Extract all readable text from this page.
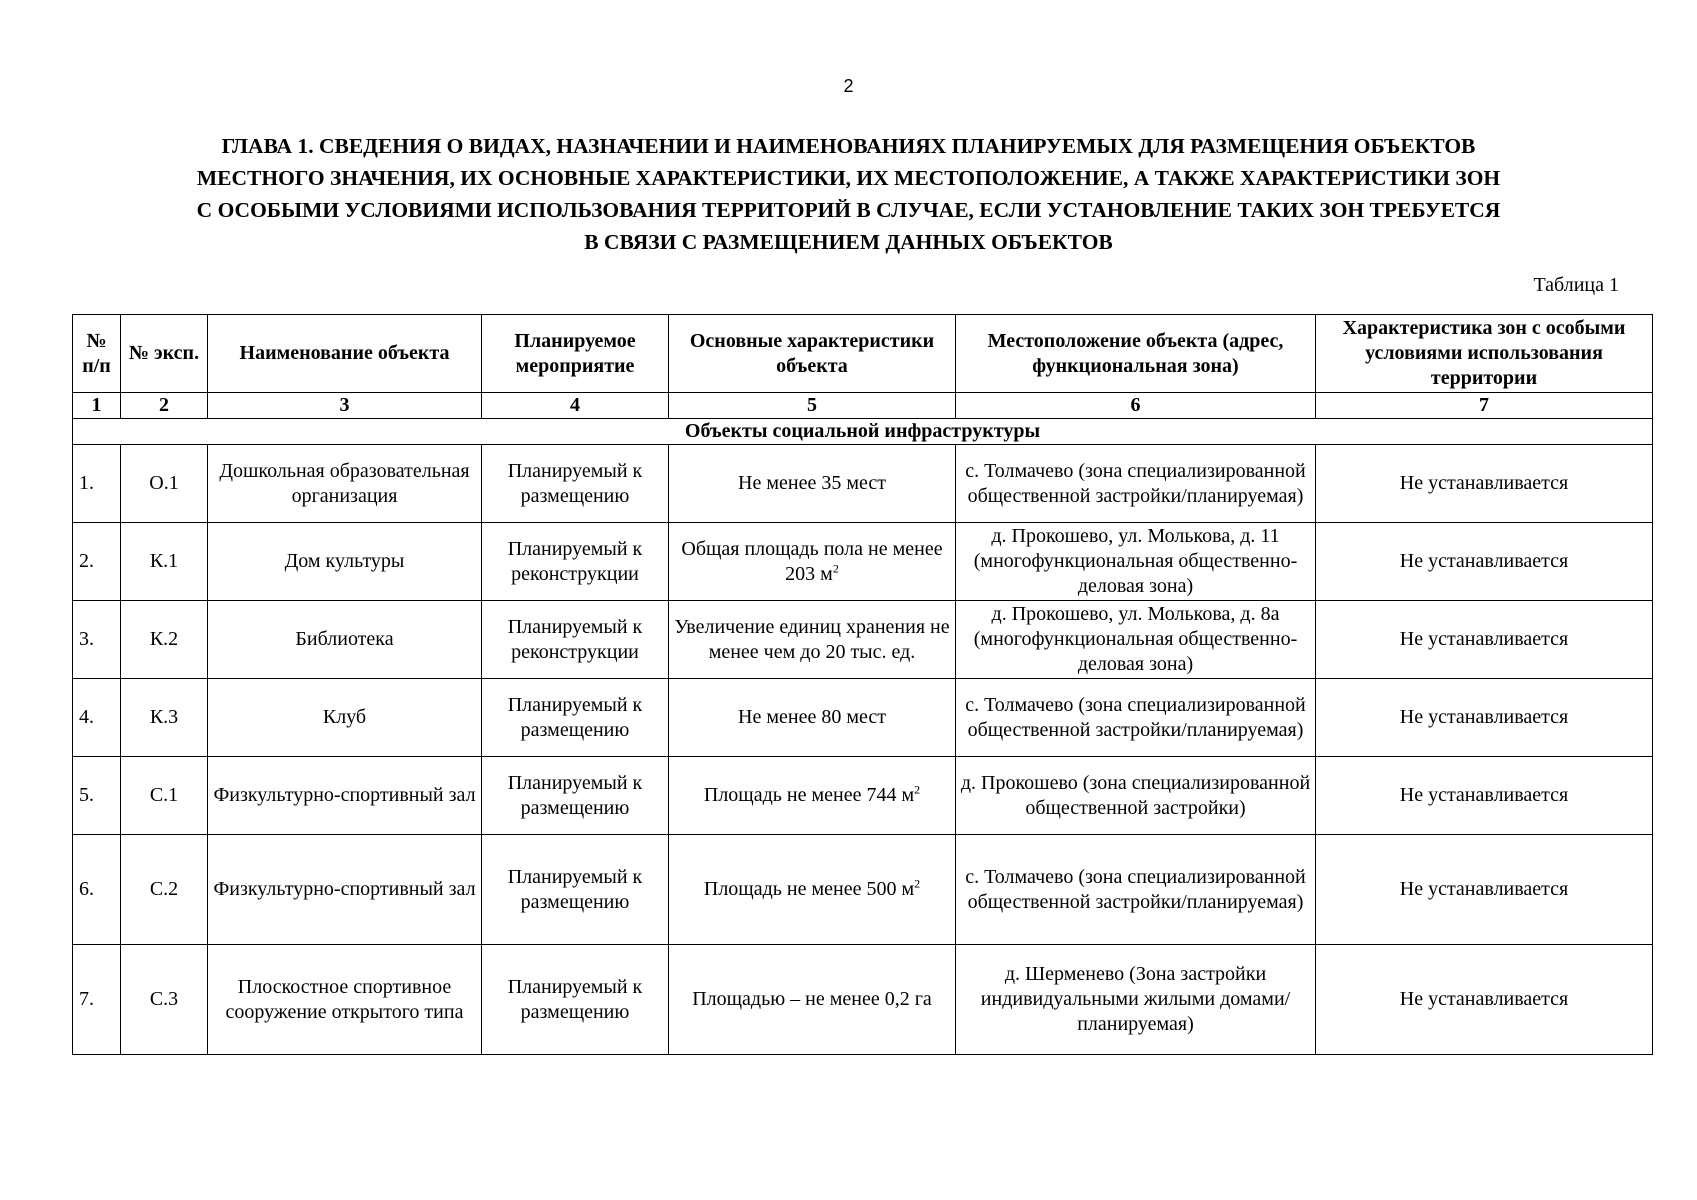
2
ГЛАВА 1. СВЕДЕНИЯ О ВИДАХ, НАЗНАЧЕНИИ И НАИМЕНОВАНИЯХ ПЛАНИРУЕМЫХ ДЛЯ РАЗМЕЩЕНИЯ ОБЪЕКТОВ
МЕСТНОГО ЗНАЧЕНИЯ, ИХ ОСНОВНЫЕ ХАРАКТЕРИСТИКИ, ИХ МЕСТОПОЛОЖЕНИЕ, А ТАКЖЕ ХАРАКТЕРИСТИКИ ЗОН
С ОСОБЫМИ УСЛОВИЯМИ ИСПОЛЬЗОВАНИЯ ТЕРРИТОРИЙ В СЛУЧАЕ, ЕСЛИ УСТАНОВЛЕНИЕ ТАКИХ ЗОН ТРЕБУЕТСЯ
В СВЯЗИ С РАЗМЕЩЕНИЕМ ДАННЫХ ОБЪЕКТОВ
Таблица 1
№ п/п	№ эксп.	Наименование объекта	Планируемое мероприятие	Основные характеристики объекта	Местоположение объекта (адрес, функциональная зона)	Характеристика зон с особыми условиями использования территории
1	2	3	4	5	6	7
Объекты социальной инфраструктуры						
1.	О.1	Дошкольная образовательная организация	Планируемый к размещению	Не менее 35 мест	с. Толмачево (зона специализированной общественной застройки/планируемая)	Не устанавливается
2.	К.1	Дом культуры	Планируемый к реконструкции	Общая площадь пола не менее 203 $м^2$	д. Прокошево, ул. Молькова, д. 11 (многофункциональная общественно-деловая зона)	Не устанавливается
3.	К.2	Библиотека	Планируемый к реконструкции	Увеличение единиц хранения не менее чем до 20 тыс. ед.	д. Прокошево, ул. Молькова, д. 8а (многофункциональная общественно-деловая зона)	Не устанавливается
4.	К.3	Клуб	Планируемый к размещению	Не менее 80 мест	с. Толмачево (зона специализированной общественной застройки/планируемая)	Не устанавливается
5.	С.1	Физкультурно-спортивный зал	Планируемый к размещению	Площадь не менее 744 $м^2$	д. Прокошево (зона специализированной общественной застройки)	Не устанавливается
6.	С.2	Физкультурно-спортивный зал	Планируемый к размещению	Площадь не менее 500 $м^2$	с. Толмачево (зона специализированной общественной застройки/планируемая)	Не устанавливается
7.	С.3	Плоскостное спортивное сооружение открытого типа	Планируемый к размещению	Площадью – не менее 0,2 га	д. Шерменево (Зона застройки индивидуальными жилыми домами/планируемая)	Не устанавливается
